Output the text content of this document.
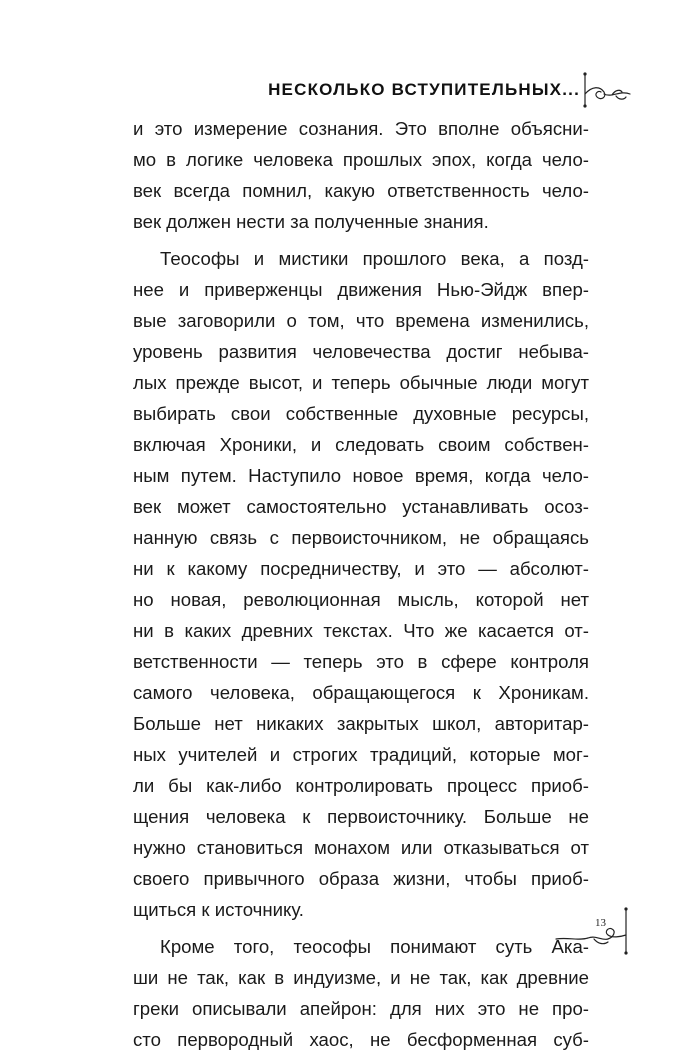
НЕСКОЛЬКО ВСТУПИТЕЛЬНЫХ...
и это измерение сознания. Это вполне объясни-
мо в логике человека прошлых эпох, когда чело-
век всегда помнил, какую ответственность чело-
век должен нести за полученные знания.
Теософы и мистики прошлого века, а позд-
нее и приверженцы движения Нью-Эйдж впер-
вые заговорили о том, что времена изменились,
уровень развития человечества достиг небыва-
лых прежде высот, и теперь обычные люди могут
выбирать свои собственные духовные ресурсы,
включая Хроники, и следовать своим собствен-
ным путем. Наступило новое время, когда чело-
век может самостоятельно устанавливать осоз-
нанную связь с первоисточником, не обращаясь
ни к какому посредничеству, и это — абсолют-
но новая, революционная мысль, которой нет
ни в каких древних текстах. Что же касается от-
ветственности — теперь это в сфере контроля
самого человека, обращающегося к Хроникам.
Больше нет никаких закрытых школ, авторитар-
ных учителей и строгих традиций, которые мог-
ли бы как-либо контролировать процесс приоб-
щения человека к первоисточнику. Больше не
нужно становиться монахом или отказываться от
своего привычного образа жизни, чтобы приоб-
щиться к источнику.
Кроме того, теософы понимают суть Ака-
ши не так, как в индуизме, и не так, как древние
греки описывали апейрон: для них это не про-
сто первородный хаос, не бесформенная суб-
13
